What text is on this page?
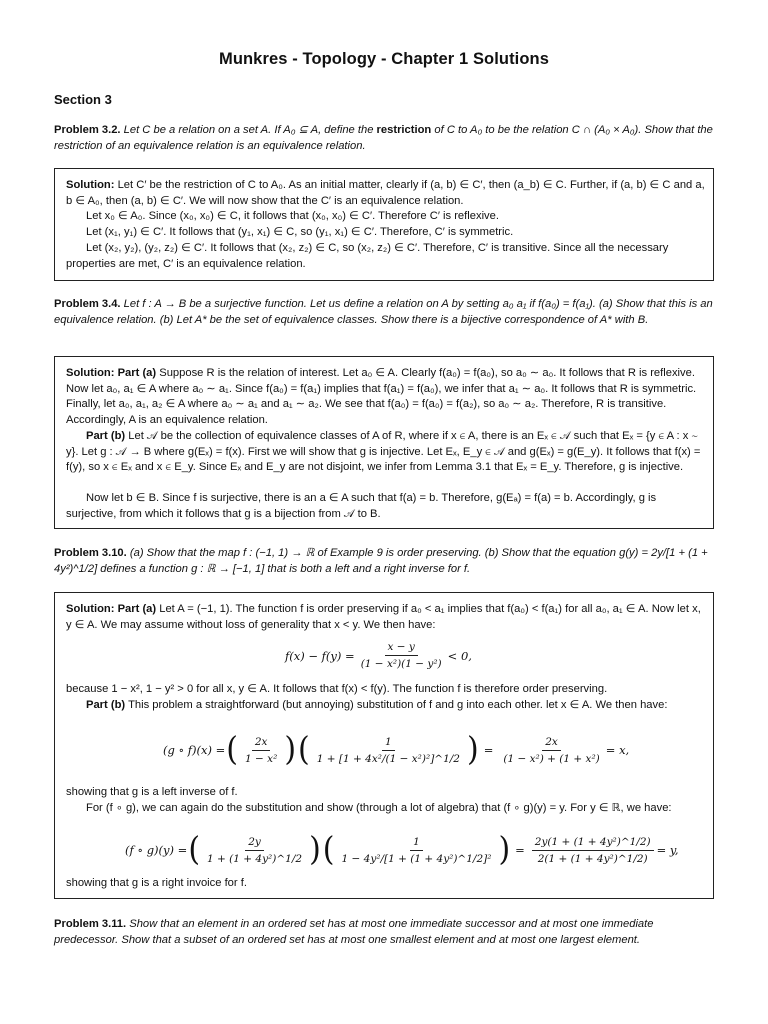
Munkres - Topology - Chapter 1 Solutions
Section 3
Problem 3.2. Let C be a relation on a set A. If A₀ ⊆ A, define the restriction of C to A₀ to be the relation C ∩ (A₀ × A₀). Show that the restriction of an equivalence relation is an equivalence relation.
Solution: Let C′ be the restriction of C to A₀. As an initial matter, clearly if (a, b) ∈ C′, then (a_b) ∈ C. Further, if (a, b) ∈ C and a, b ∈ A₀, then (a, b) ∈ C′. We will now show that the C′ is an equivalence relation.
Let x₀ ∈ A₀. Since (x₀, x₀) ∈ C, it follows that (x₀, x₀) ∈ C′. Therefore C′ is reflexive.
Let (x₁, y₁) ∈ C′. It follows that (y₁, x₁) ∈ C, so (y₁, x₁) ∈ C′. Therefore, C′ is symmetric.
Let (x₂, y₂), (y₂, z₂) ∈ C′. It follows that (x₂, z₂) ∈ C, so (x₂, z₂) ∈ C′. Therefore, C′ is transitive. Since all the necessary properties are met, C′ is an equivalence relation.
Problem 3.4. Let f : A → B be a surjective function. Let us define a relation on A by setting a₀ a₁ if f(a₀) = f(a₁). (a) Show that this is an equivalence relation. (b) Let A* be the set of equivalence classes. Show there is a bijective correspondence of A* with B.
Solution: Part (a) Suppose R is the relation of interest. Let a₀ ∈ A. Clearly f(a₀) = f(a₀), so a₀ ∼ a₀. It follows that R is reflexive. Now let a₀, a₁ ∈ A where a₀ ∼ a₁. Since f(a₀) = f(a₁) implies that f(a₁) = f(a₀), we infer that a₁ ∼ a₀. It follows that R is symmetric. Finally, let a₀, a₁, a₂ ∈ A where a₀ ∼ a₁ and a₁ ∼ a₂. We see that f(a₀) = f(a₀) = f(a₂), so a₀ ∼ a₂. Therefore, R is transitive. Accordingly, A is an equivalence relation.
Part (b) Let 𝒜 be the collection of equivalence classes of A of R, where if x ∈ A, there is an Eₓ ∈ 𝒜 such that Eₓ = {y ∈ A : x ∼ y}. Let g : 𝒜 → B where g(Eₓ) = f(x). First we will show that g is injective. Let Eₓ, E_y ∈ 𝒜 and g(Eₓ) = g(E_y). It follows that f(x) = f(y), so x ∈ Eₓ and x ∈ E_y. Since Eₓ and E_y are not disjoint, we infer from Lemma 3.1 that Eₓ = E_y. Therefore, g is injective.
Now let b ∈ B. Since f is surjective, there is an a ∈ A such that f(a) = b. Therefore, g(Eₐ) = f(a) = b. Accordingly, g is surjective, from which it follows that g is a bijection from 𝒜 to B.
Problem 3.10. (a) Show that the map f : (−1, 1) → ℝ of Example 9 is order preserving. (b) Show that the equation g(y) = 2y/[1 + (1 + 4y²)^1/2] defines a function g : ℝ → [−1, 1] that is both a left and a right inverse for f.
Solution: Part (a) Let A = (−1, 1). The function f is order preserving if a₀ < a₁ implies that f(a₀) < f(a₁) for all a₀, a₁ ∈ A. Now let x, y ∈ A. We may assume without loss of generality that x < y. We then have:
$f(x) - f(y) = \frac{x - y}{\text{(1 − x²)(1 − y²)}} < 0$,
because 1 − x², 1 − y² > 0 for all x, y ∈ A. It follows that f(x) < f(y). The function f is therefore order preserving.
Part (b) This problem a straightforward (but annoying) substitution of f and g into each other. let x ∈ A. We then have:
(g ∘ f)(x) = ( $\frac{2x}{\text{1 − x²}}$ ) ( $\frac{1}{\text{1 + [1 + 4x²/(1 − x²)²]\textasciicircum{}1/2}}$ ) = $\frac{2x}{\text{(1 − x²) + (1 + x²)}} = x$,
showing that g is a left inverse of f.
For (f ∘ g), we can again do the substitution and show (through a lot of algebra) that (f ∘ g)(y) = y. For y ∈ ℝ, we have:
(f ∘ g)(y) = ( $\frac{2y}{\text{1 + (1 + 4y²)\textasciicircum{}1/2}}$ ) ( $\frac{1}{\text{1 − 4y²/[1 + (1 + 4y²)\textasciicircum{}1/2]²}}$ ) = $\frac{\text{2y(1 + (1 + 4y²)\textasciicircum{}1/2)}}{\text{2(1 + (1 + 4y²)\textasciicircum{}1/2)}} = y$,
showing that g is a right invoice for f.
Problem 3.11. Show that an element in an ordered set has at most one immediate successor and at most one immediate predecessor. Show that a subset of an ordered set has at most one smallest element and at most one largest element.
